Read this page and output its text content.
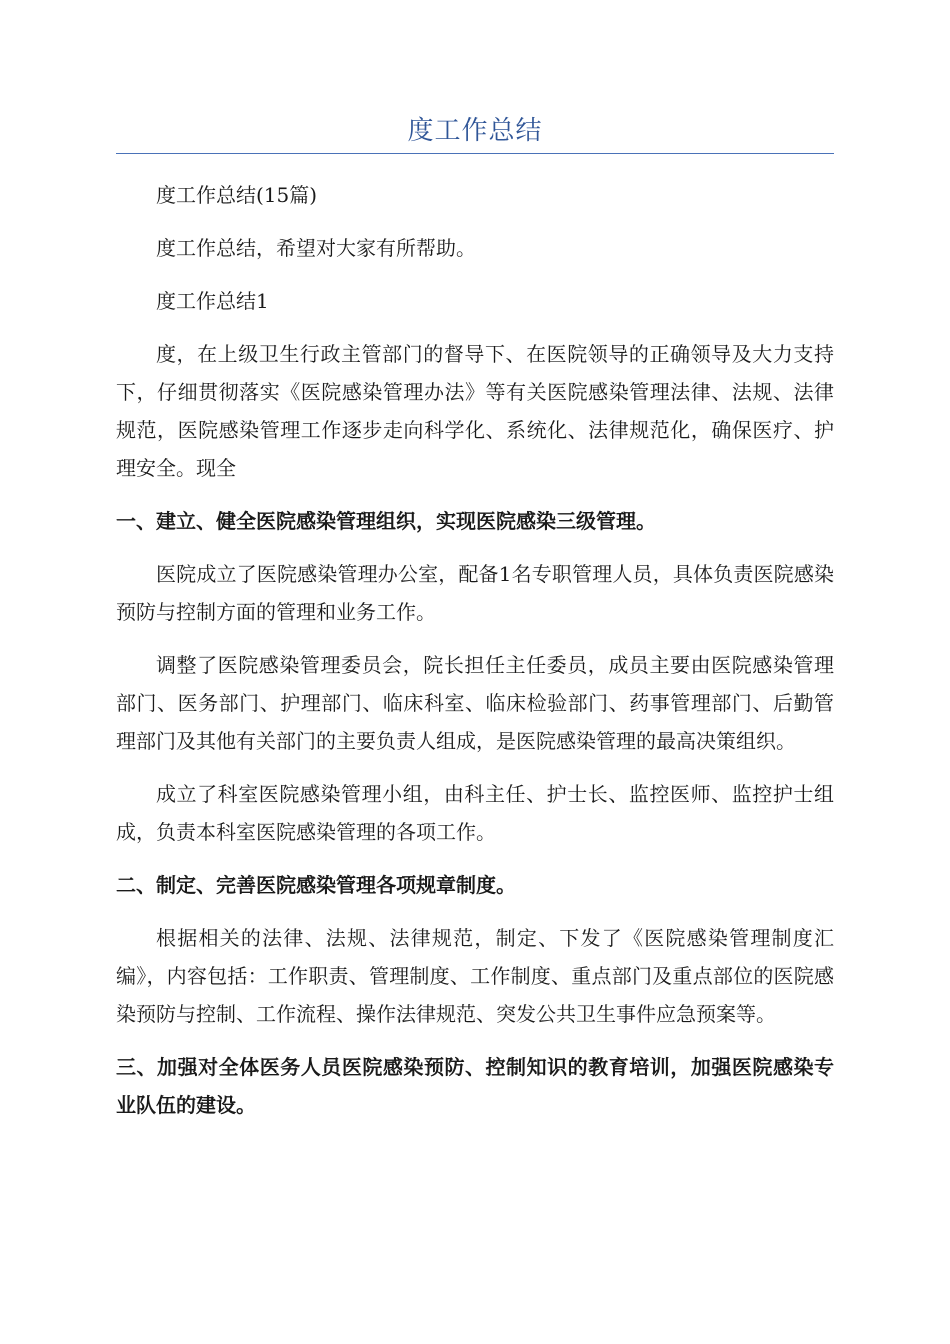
度工作总结

度工作总结(15篇)

度工作总结，希望对大家有所帮助。

度工作总结1

度，在上级卫生行政主管部门的督导下、在医院领导的正确领导及大力支持下，仔细贯彻落实《医院感染管理办法》等有关医院感染管理法律、法规、法律规范，医院感染管理工作逐步走向科学化、系统化、法律规范化，确保医疗、护理安全。现全

一、建立、健全医院感染管理组织，实现医院感染三级管理。

医院成立了医院感染管理办公室，配备1名专职管理人员，具体负责医院感染预防与控制方面的管理和业务工作。

调整了医院感染管理委员会，院长担任主任委员，成员主要由医院感染管理部门、医务部门、护理部门、临床科室、临床检验部门、药事管理部门、后勤管理部门及其他有关部门的主要负责人组成，是医院感染管理的最高决策组织。

成立了科室医院感染管理小组，由科主任、护士长、监控医师、监控护士组成，负责本科室医院感染管理的各项工作。

二、制定、完善医院感染管理各项规章制度。

根据相关的法律、法规、法律规范，制定、下发了《医院感染管理制度汇编》，内容包括：工作职责、管理制度、工作制度、重点部门及重点部位的医院感染预防与控制、工作流程、操作法律规范、突发公共卫生事件应急预案等。

三、加强对全体医务人员医院感染预防、控制知识的教育培训，加强医院感染专业队伍的建设。
